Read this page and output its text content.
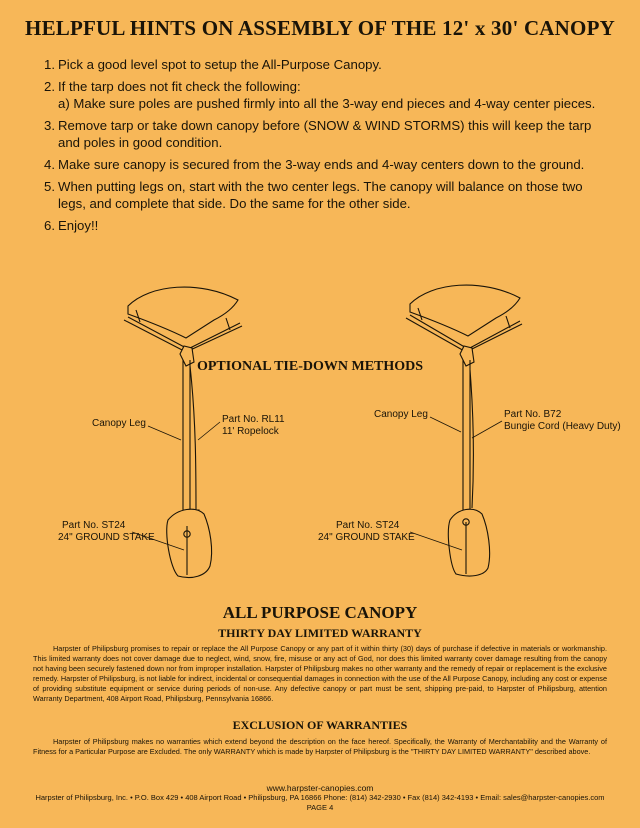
HELPFUL HINTS ON ASSEMBLY OF THE 12' x 30' CANOPY
1. Pick a good level spot to setup the All-Purpose Canopy.
2. If the tarp does not fit check the following:
a) Make sure poles are pushed firmly into all the 3-way end pieces and 4-way center pieces.
3. Remove tarp or take down canopy before (SNOW & WIND STORMS) this will keep the tarp and poles in good condition.
4. Make sure canopy is secured from the 3-way ends and 4-way centers down to the ground.
5. When putting legs on, start with the two center legs. The canopy will balance on those two legs, and complete that side. Do the same for the other side.
6. Enjoy!!
OPTIONAL TIE-DOWN METHODS
Canopy Leg	Part No. RL11
11' Ropelock
Part No. ST24
24" GROUND STAKE
Canopy Leg	Part No. B72
Bungie Cord (Heavy Duty)
Part No. ST24
24" GROUND STAKE
ALL PURPOSE CANOPY
THIRTY DAY LIMITED WARRANTY

Harpster of Philipsburg promises to repair or replace the All Purpose Canopy or any part of it within thirty (30) days of purchase if defective in materials or workmanship. This limited warranty does not cover damage due to neglect, wind, snow, fire, misuse or any act of God, nor does this limited warranty cover damage resulting from the canopy not having been securely fastened down nor from improper installation. Harpster of Philipsburg makes no other warranty and the remedy of repair or replacement is the exclusive remedy. Harpster of Philipsburg, is not liable for indirect, incidental or consequential damages in connection with the use of the All Purpose Canopy, including any cost or expense of providing substitute equipment or service during periods of non-use. Any defective canopy or part must be sent, shipping pre-paid, to Harpster of Philipsburg, attention Warranty Department, 408 Airport Road, Philipsburg, Pennsylvania 16866.

EXCLUSION OF WARRANTIES

Harpster of Philipsburg makes no warranties which extend beyond the description on the face hereof. Specifically, the Warranty of Merchantability and the Warranty of Fitness for a Particular Purpose are Excluded. The only WARRANTY which is made by Harpster of Philipsburg is the "THIRTY DAY LIMITED WARRANTY" described above.

www.harpster-canopies.com
Harpster of Philipsburg, Inc. • P.O. Box 429 • 408 Airport Road • Philipsburg, PA 16866 Phone: (814) 342-2930 • Fax (814) 342-4193 • Email: sales@harpster-canopies.com
PAGE 4
